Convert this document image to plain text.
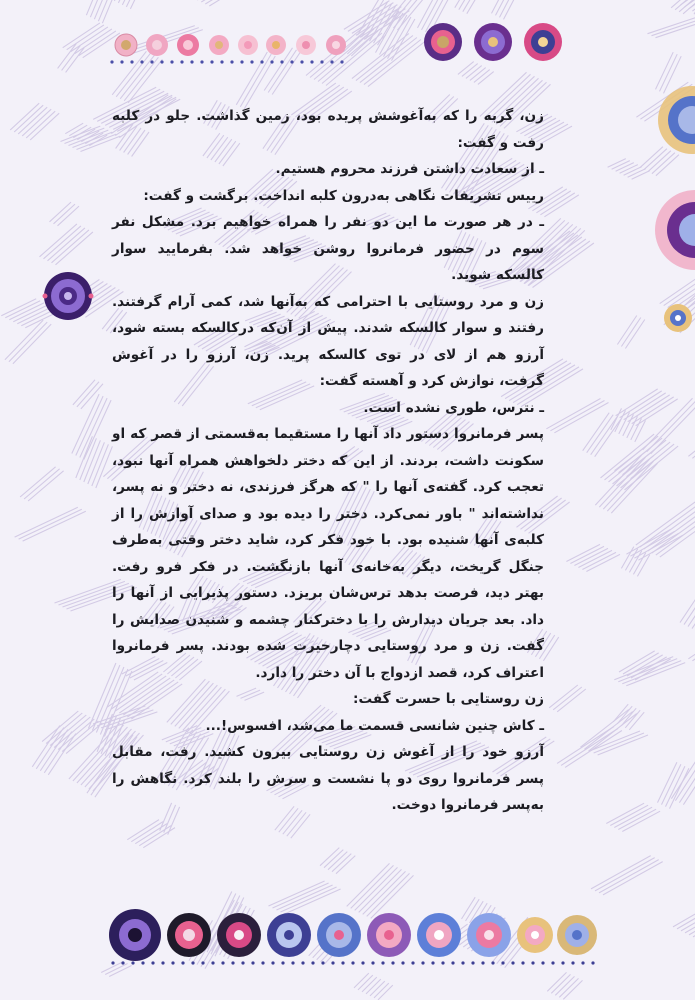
زن، گربه را که به‌آغوشش پریده بود، زمین گذاشت. جلو در کلبه رفت و گفت:

ـ از سعادت داشتن فرزند محروم هستیم.

رییس تشریفات نگاهی به‌درون کلبه انداخت. برگشت و گفت:

ـ در هر صورت ما این دو نفر را همراه خواهیم برد. مشکل نفر سوم در حضور فرمانروا روشن خواهد شد. بفرمایید سوار کالسکه شوید.

زن و مرد روستایی با احترامی که به‌آنها شد، کمی آرام گرفتند. رفتند و سوار کالسکه شدند. پیش از آن‌که درکالسکه بسته شود، آرزو هم از لای در توی کالسکه پرید. زن، آرزو را در آغوش گرفت، نوازش کرد و آهسته گفت:

ـ نترس، طوری نشده است.

پسر فرمانروا دستور داد آنها را مستقیما به‌قسمتی از قصر که او سکونت داشت، بردند. از این که دختر دلخواهش همراه آنها نبود، تعجب کرد. گفته‌ی آنها را " که هرگز فرزندی، نه دختر و نه پسر، نداشته‌اند " باور نمی‌کرد. دختر را دیده بود و صدای آوازش را از کلبه‌ی آنها شنیده بود. با خود فکر کرد، شاید دختر وقتی به‌طرف جنگل گریخت، دیگر به‌خانه‌ی آنها بازنگشت. در فکر فرو رفت. بهتر دید، فرصت بدهد ترس‌شان بریزد. دستور پذیرایی از آنها را داد. بعد جریان دیدارش را با دخترکنار چشمه و شنیدن صدایش را گفت. زن و مرد روستایی دچارحیرت شده بودند. پسر فرمانروا اعتراف کرد، قصد ازدواج با آن دختر را دارد.

زن روستایی با حسرت گفت:

ـ کاش چنین شانسی قسمت ما می‌شد، افسوس!...

آرزو خود را از آغوش زن روستایی بیرون کشید. رفت، مقابل پسر فرمانروا روی دو پا نشست و سرش را بلند کرد. نگاهش را به‌پسر فرمانروا دوخت.
